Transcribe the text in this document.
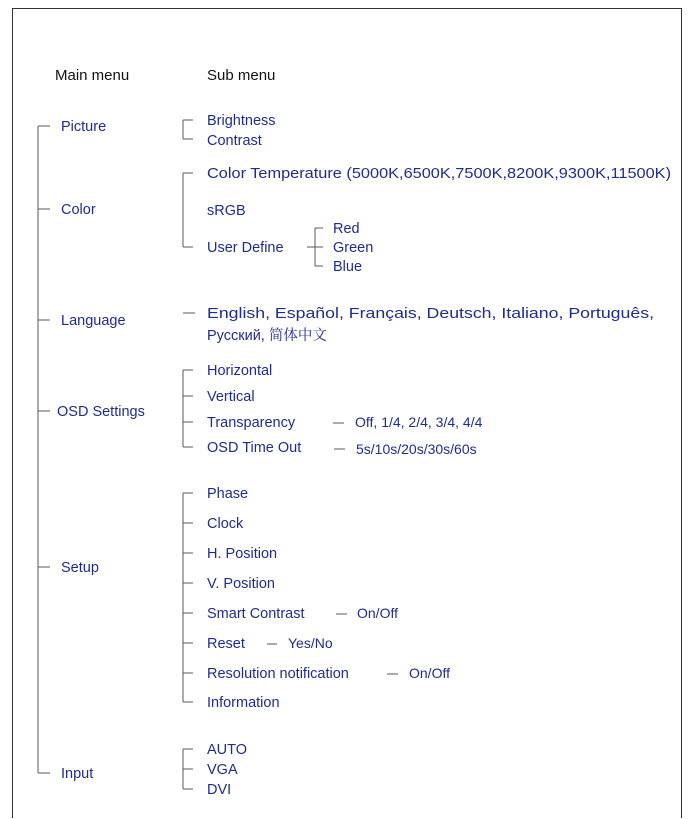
Main menu	Sub menu
Picture
Color
Language
OSD Settings
Setup
Input
Brightness
Contrast
Color Temperature (5000K,6500K,7500K,8200K,9300K,11500K)
sRGB
User Define
Red
Green
Blue
English, Español, Français, Deutsch, Italiano, Português,
Русский, 简体中文
Horizontal
Vertical
Transparency	Off, 1/4, 2/4, 3/4, 4/4
OSD Time Out	5s/10s/20s/30s/60s
Phase
Clock
H. Position
V. Position
Smart Contrast	On/Off
Reset	Yes/No
Resolution notification	On/Off
Information
AUTO
VGA
DVI
